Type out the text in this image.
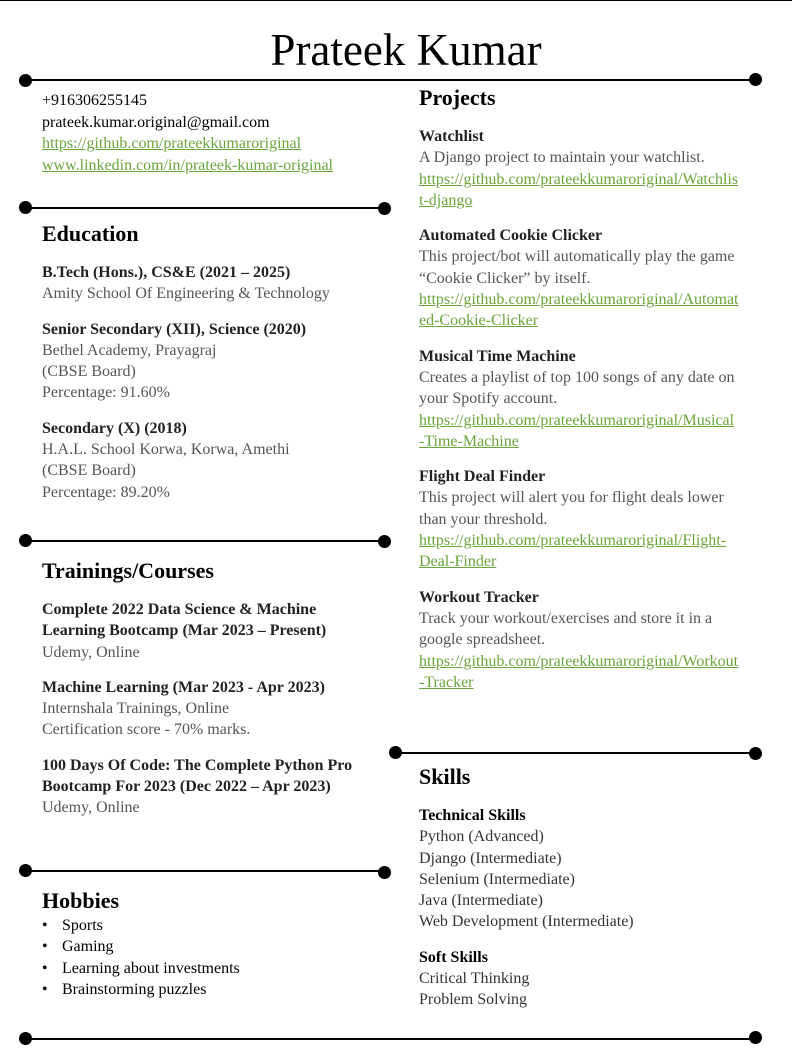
Prateek Kumar
+916306255145
prateek.kumar.original@gmail.com
https://github.com/prateekkumaroriginal
www.linkedin.com/in/prateek-kumar-original
Education
B.Tech (Hons.), CS&E (2021 – 2025)
Amity School Of Engineering & Technology
Senior Secondary (XII), Science (2020)
Bethel Academy, Prayagraj
(CBSE Board)
Percentage: 91.60%
Secondary (X) (2018)
H.A.L. School Korwa, Korwa, Amethi
(CBSE Board)
Percentage: 89.20%
Trainings/Courses
Complete 2022 Data Science & Machine
Learning Bootcamp (Mar 2023 – Present)
Udemy, Online
Machine Learning (Mar 2023 - Apr 2023)
Internshala Trainings, Online
Certification score - 70% marks.
100 Days Of Code: The Complete Python Pro
Bootcamp For 2023 (Dec 2022 – Apr 2023)
Udemy, Online
Hobbies
• Sports
• Gaming
• Learning about investments
• Brainstorming puzzles
Projects
Watchlist
A Django project to maintain your watchlist.
https://github.com/prateekkumaroriginal/Watchlis
t-django
Automated Cookie Clicker
This project/bot will automatically play the game
“Cookie Clicker” by itself.
https://github.com/prateekkumaroriginal/Automat
ed-Cookie-Clicker
Musical Time Machine
Creates a playlist of top 100 songs of any date on
your Spotify account.
https://github.com/prateekkumaroriginal/Musical
-Time-Machine
Flight Deal Finder
This project will alert you for flight deals lower
than your threshold.
https://github.com/prateekkumaroriginal/Flight-
Deal-Finder
Workout Tracker
Track your workout/exercises and store it in a
google spreadsheet.
https://github.com/prateekkumaroriginal/Workout
-Tracker
Skills
Technical Skills
Python (Advanced)
Django (Intermediate)
Selenium (Intermediate)
Java (Intermediate)
Web Development (Intermediate)
Soft Skills
Critical Thinking
Problem Solving
